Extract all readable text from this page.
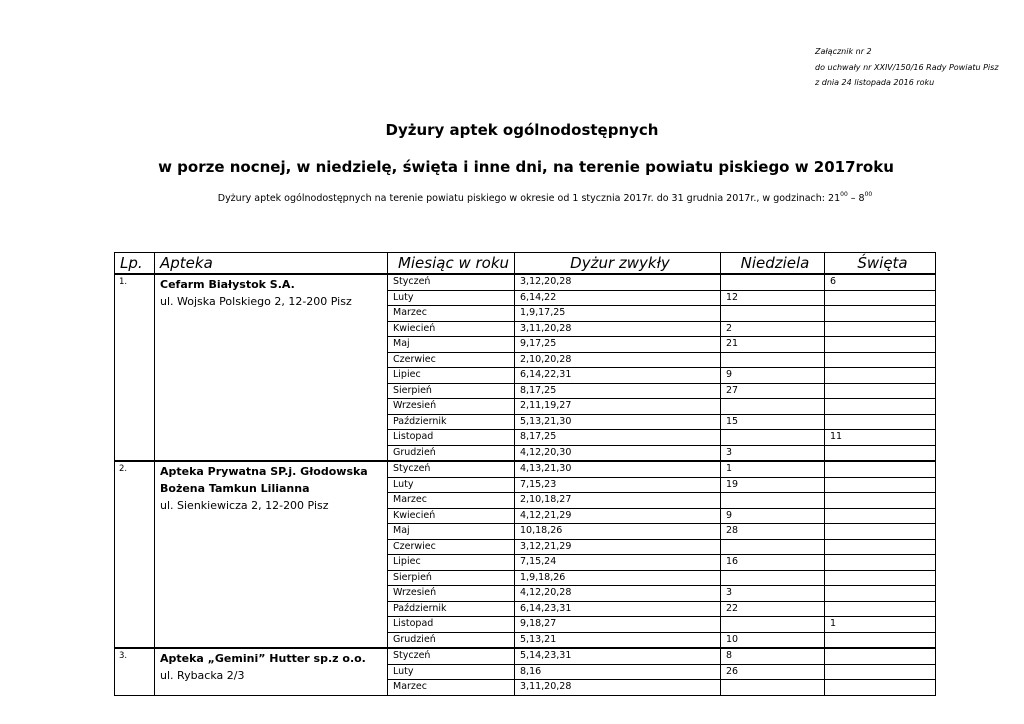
Załącznik nr 2
do uchwały nr XXIV/150/16 Rady Powiatu Pisz
z dnia 24 listopada 2016 roku
Dyżury aptek ogólnodostępnych
w porze nocnej, w niedzielę, święta i inne dni, na terenie powiatu piskiego w 2017roku
Dyżury aptek ogólnodostępnych na terenie powiatu piskiego w okresie od 1 stycznia 2017r. do 31 grudnia 2017r., w godzinach: $21^{00} - 8^{00}$
Lp.	Apteka	Miesiąc w roku	Dyżur zwykły	Niedziela	Święta
1.	Cefarm Białystok S.A.
ul. Wojska Polskiego 2, 12-200 Pisz	Styczeń	3,12,20,28		6
		Luty	6,14,22	12	
		Marzec	1,9,17,25		
		Kwiecień	3,11,20,28	2	
		Maj	9,17,25	21	
		Czerwiec	2,10,20,28		
		Lipiec	6,14,22,31	9	
		Sierpień	8,17,25	27	
		Wrzesień	2,11,19,27		
		Październik	5,13,21,30	15	
		Listopad	8,17,25		11
		Grudzień	4,12,20,30	3	
2.	Apteka Prywatna SP.j. Głodowska Bożena Tamkun Lilianna
ul. Sienkiewicza 2, 12-200 Pisz	Styczeń	4,13,21,30	1	
		Luty	7,15,23	19	
		Marzec	2,10,18,27		
		Kwiecień	4,12,21,29	9	
		Maj	10,18,26	28	
		Czerwiec	3,12,21,29		
		Lipiec	7,15,24	16	
		Sierpień	1,9,18,26		
		Wrzesień	4,12,20,28	3	
		Październik	6,14,23,31	22	
		Listopad	9,18,27		1
		Grudzień	5,13,21	10	
3.	Apteka „Gemini” Hutter sp.z o.o.
ul. Rybacka 2/3	Styczeń	5,14,23,31	8	
		Luty	8,16	26	
		Marzec	3,11,20,28		
